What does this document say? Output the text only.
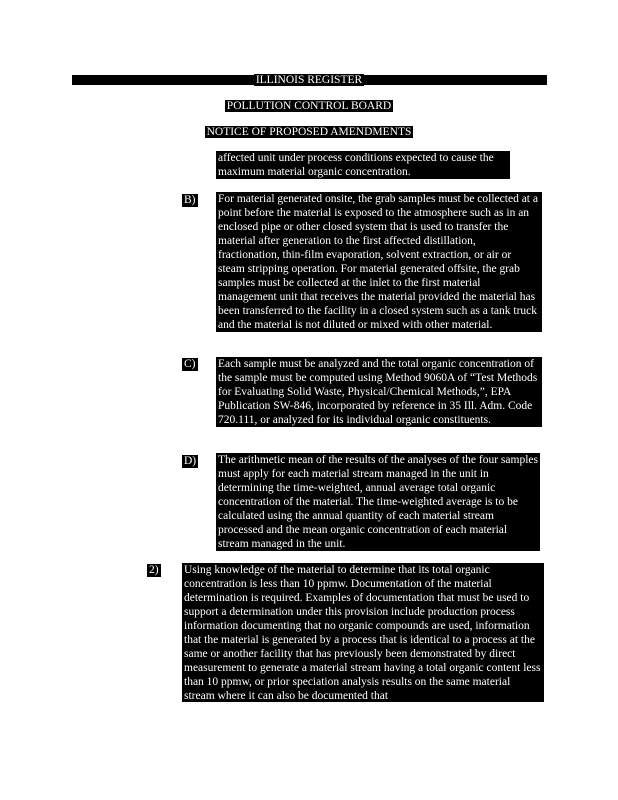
ILLINOIS REGISTER
POLLUTION CONTROL BOARD
NOTICE OF PROPOSED AMENDMENTS
affected unit under process conditions expected to cause the maximum material organic concentration.
B) For material generated onsite, the grab samples must be collected at a point before the material is exposed to the atmosphere such as in an enclosed pipe or other closed system that is used to transfer the material after generation to the first affected distillation, fractionation, thin-film evaporation, solvent extraction, or air or steam stripping operation. For material generated offsite, the grab samples must be collected at the inlet to the first material management unit that receives the material provided the material has been transferred to the facility in a closed system such as a tank truck and the material is not diluted or mixed with other material.
C) Each sample must be analyzed and the total organic concentration of the sample must be computed using Method 9060A of “Test Methods for Evaluating Solid Waste, Physical/Chemical Methods,”, EPA Publication SW-846, incorporated by reference in 35 Ill. Adm. Code 720.111, or analyzed for its individual organic constituents.
D) The arithmetic mean of the results of the analyses of the four samples must apply for each material stream managed in the unit in determining the time-weighted, annual average total organic concentration of the material. The time-weighted average is to be calculated using the annual quantity of each material stream processed and the mean organic concentration of each material stream managed in the unit.
2) Using knowledge of the material to determine that its total organic concentration is less than 10 ppmw. Documentation of the material determination is required. Examples of documentation that must be used to support a determination under this provision include production process information documenting that no organic compounds are used, information that the material is generated by a process that is identical to a process at the same or another facility that has previously been demonstrated by direct measurement to generate a material stream having a total organic content less than 10 ppmw, or prior speciation analysis results on the same material stream where it can also be documented that
